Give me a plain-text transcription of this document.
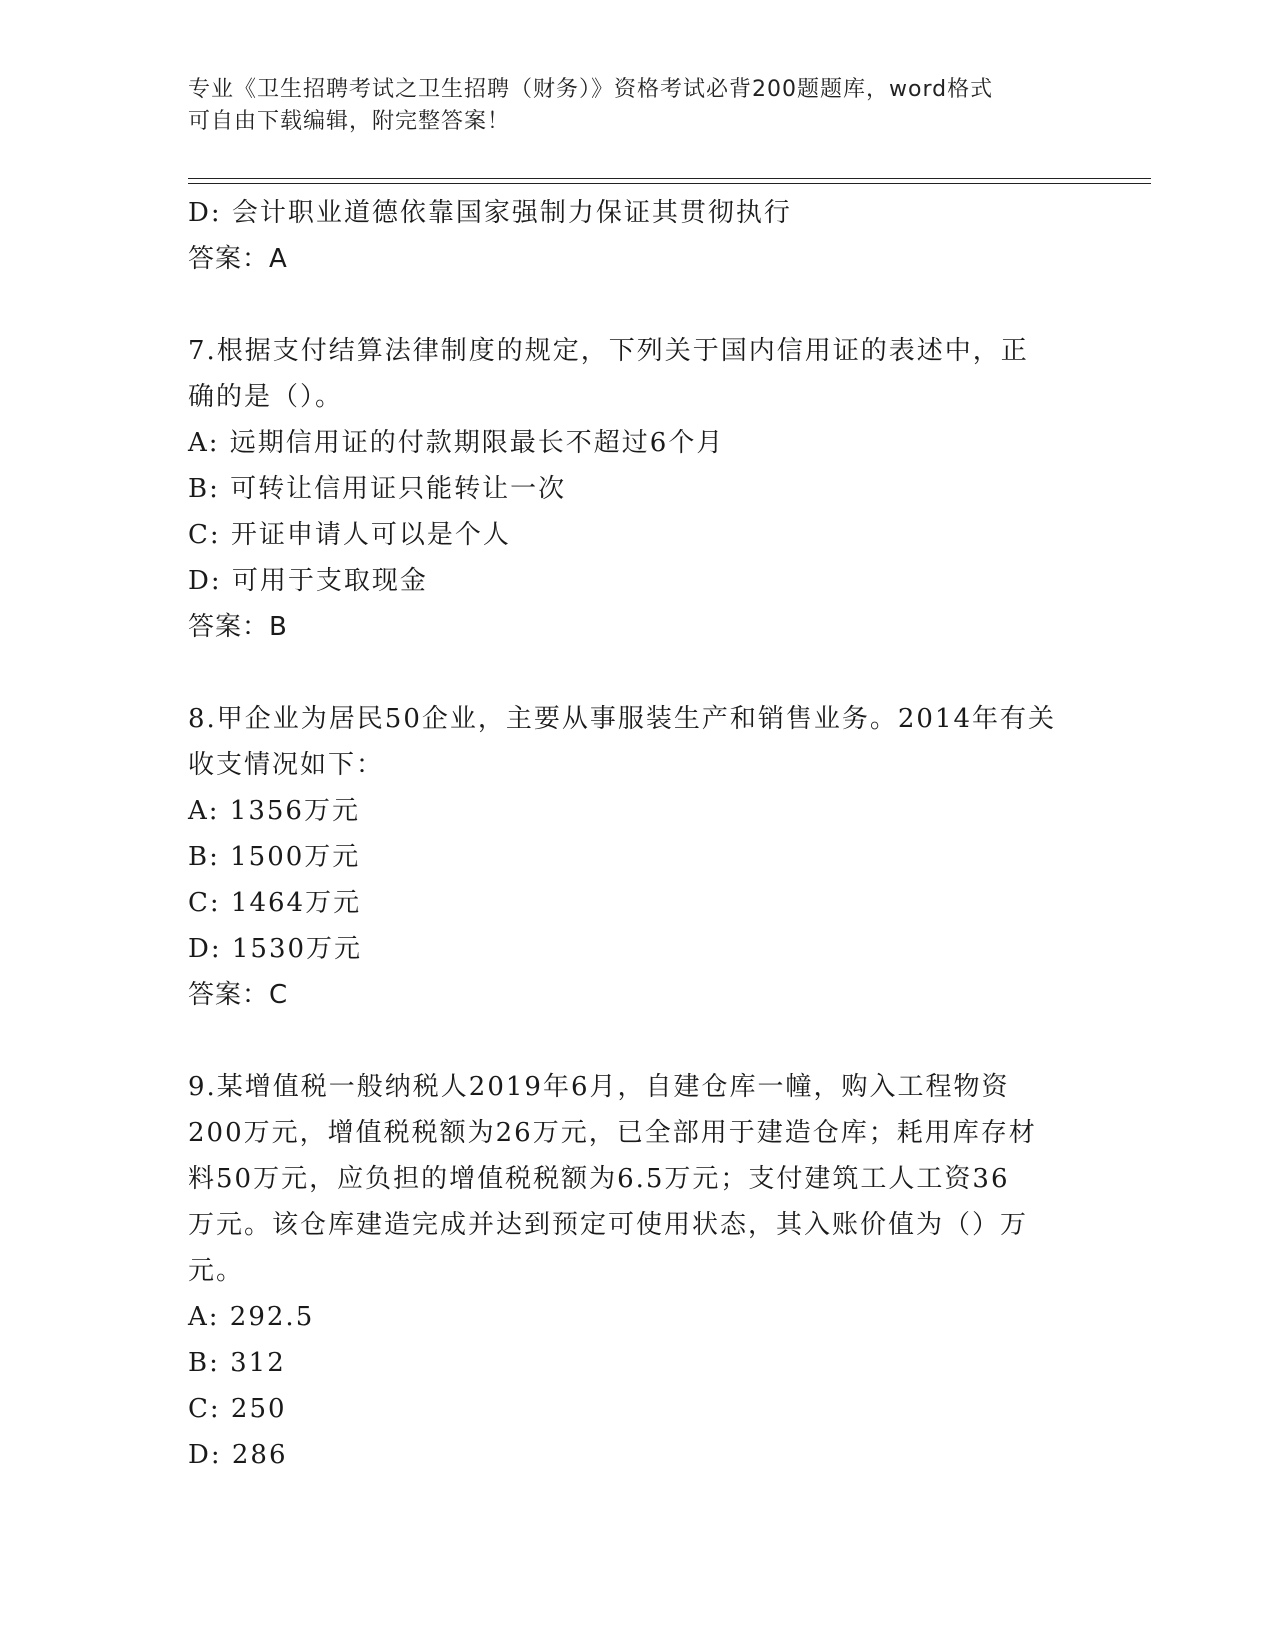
专业《卫生招聘考试之卫生招聘（财务）》资格考试必背200题题库，word格式
可自由下载编辑，附完整答案！
D: 会计职业道德依靠国家强制力保证其贯彻执行
答案：A
7.根据支付结算法律制度的规定，下列关于国内信用证的表述中，正
确的是（）。
A: 远期信用证的付款期限最长不超过6个月
B: 可转让信用证只能转让一次
C: 开证申请人可以是个人
D: 可用于支取现金
答案：B
8.甲企业为居民50企业，主要从事服装生产和销售业务。2014年有关
收支情况如下：
A: 1356万元
B: 1500万元
C: 1464万元
D: 1530万元
答案：C
9.某增值税一般纳税人2019年6月，自建仓库一幢，购入工程物资
200万元，增值税税额为26万元，已全部用于建造仓库；耗用库存材
料50万元，应负担的增值税税额为6.5万元；支付建筑工人工资36
万元。该仓库建造完成并达到预定可使用状态，其入账价值为（）万
元。
A: 292.5
B: 312
C: 250
D: 286
